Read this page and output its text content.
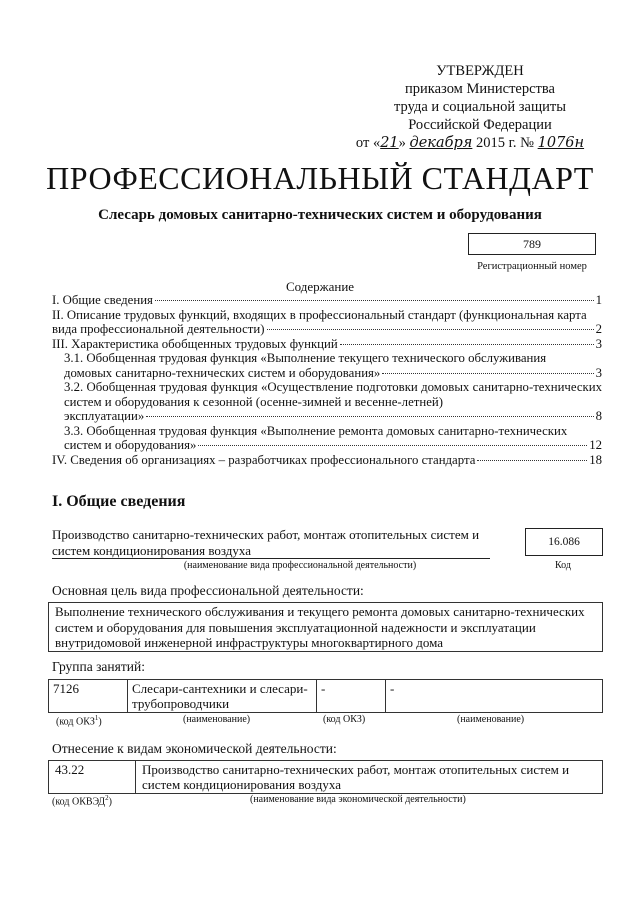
УТВЕРЖДЕН
приказом Министерства
труда и социальной защиты
Российской Федерации
от «21» декабря 2015 г. № 1076н
ПРОФЕССИОНАЛЬНЫЙ СТАНДАРТ
Слесарь домовых санитарно-технических систем и оборудования
789
Регистрационный номер
Содержание
I. Общие сведения	1
II. Описание трудовых функций, входящих в профессиональный стандарт (функциональная карта
вида профессиональной деятельности)	2
III. Характеристика обобщенных трудовых функций	3
3.1. Обобщенная трудовая функция «Выполнение текущего технического обслуживания
домовых санитарно-технических систем и оборудования»	3
3.2. Обобщенная трудовая функция «Осуществление подготовки домовых санитарно-технических систем и оборудования к сезонной (осенне-зимней и весенне-летней)
эксплуатации»	8
3.3. Обобщенная трудовая функция «Выполнение ремонта домовых санитарно-технических
систем и оборудования»	12
IV. Сведения об организациях – разработчиках профессионального стандарта	18
I. Общие сведения
Производство санитарно-технических работ, монтаж отопительных систем и систем кондиционирования воздуха
(наименование вида профессиональной деятельности)
16.086
Код
Основная цель вида профессиональной деятельности:
Выполнение технического обслуживания и текущего ремонта домовых санитарно-технических систем и оборудования для повышения эксплуатационной надежности и эксплуатации внутридомовой инженерной инфраструктуры многоквартирного дома
Группа занятий:
7126	Слесари-сантехники и слесари-трубопроводчики	-	-
(код ОКЗ$^1$)	(наименование)	(код ОКЗ)	(наименование)
Отнесение к видам экономической деятельности:
43.22	Производство санитарно-технических работ, монтаж отопительных систем и систем кондиционирования воздуха
(код ОКВЭД$^2$)	(наименование вида экономической деятельности)
